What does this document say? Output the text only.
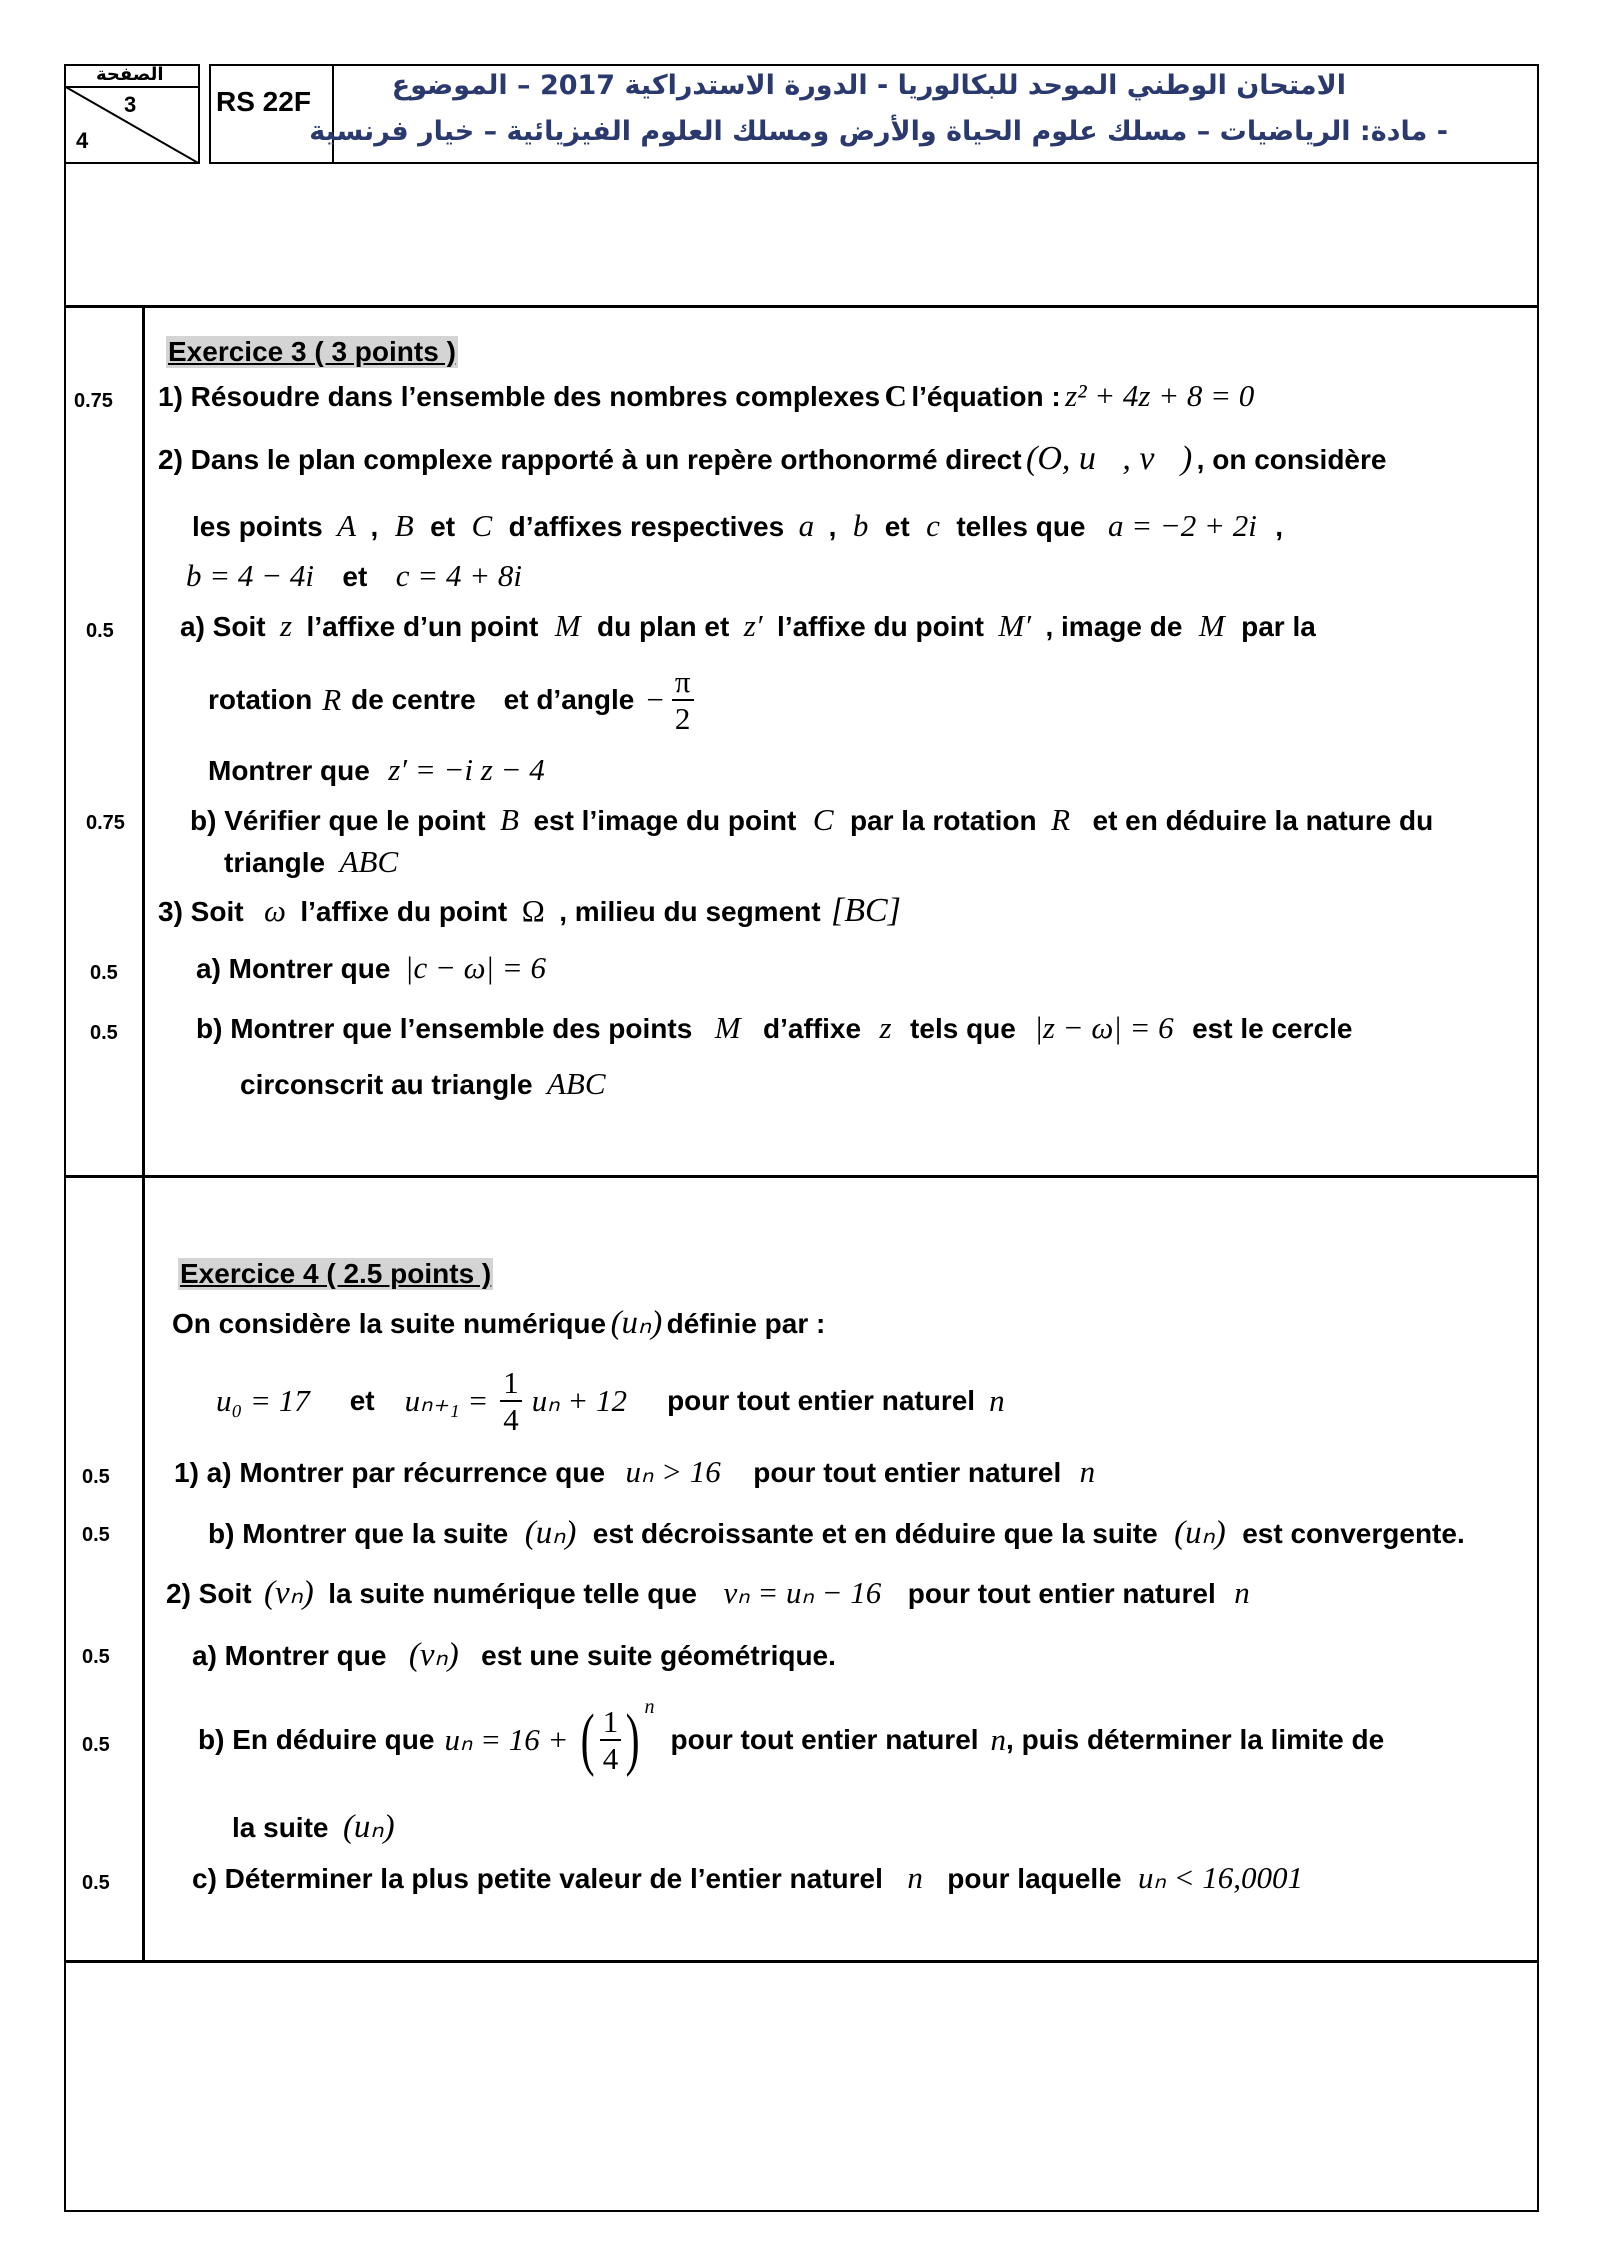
الصفحة
3
4
RS 22F
الامتحان الوطني الموحد للبكالوريا - الدورة الاستدراكية 2017 – الموضوع
- مادة: الرياضيات – مسلك علوم الحياة والأرض ومسلك العلوم الفيزيائية – خيار فرنسية
Exercice 3 ( 3 points )
0.75 1) Résoudre dans l’ensemble des nombres complexes C l’équation : z² + 4z + 8 = 0
2) Dans le plan complexe rapporté à un repère orthonormé direct (O, u⃗, v⃗) , on considère
les points A , B et C d’affixes respectives a , b et c telles que a = −2 + 2i ,
b = 4 − 4i et c = 4 + 8i
0.5 a) Soit z l’affixe d’un point M du plan et z′ l’affixe du point M′ , image de M par la
rotation R de centre et d’angle − $\frac{\pi}{2}$
Montrer que z′ = −i z − 4
0.75 b) Vérifier que le point B est l’image du point C par la rotation R et en déduire la nature du
triangle ABC
3) Soit ω l’affixe du point Ω , milieu du segment [BC]
0.5	a) Montrer que |c − ω| = 6
0.5	b) Montrer que l’ensemble des points M d’affixe z tels que |z − ω| = 6 est le cercle
circonscrit au triangle ABC
Exercice 4 ( 2.5 points )
On considère la suite numérique (uₙ) définie par :
u₀ = 17 et $u_{n+1} = \frac{1}{4}$ uₙ + 12 pour tout entier naturel n
0.5 1) a) Montrer par récurrence que uₙ > 16 pour tout entier naturel n
0.5	b) Montrer que la suite (uₙ) est décroissante et en déduire que la suite (uₙ) est convergente.
2) Soit (vₙ) la suite numérique telle que vₙ = uₙ − 16 pour tout entier naturel n
0.5	a) Montrer que (vₙ) est une suite géométrique.
0.5	b) En déduire que uₙ = 16 + ( $\frac{1}{4}$ ) n
pour tout entier naturel n , puis déterminer la limite de
la suite (uₙ)
0.5	c) Déterminer la plus petite valeur de l’entier naturel n pour laquelle uₙ < 16,0001
